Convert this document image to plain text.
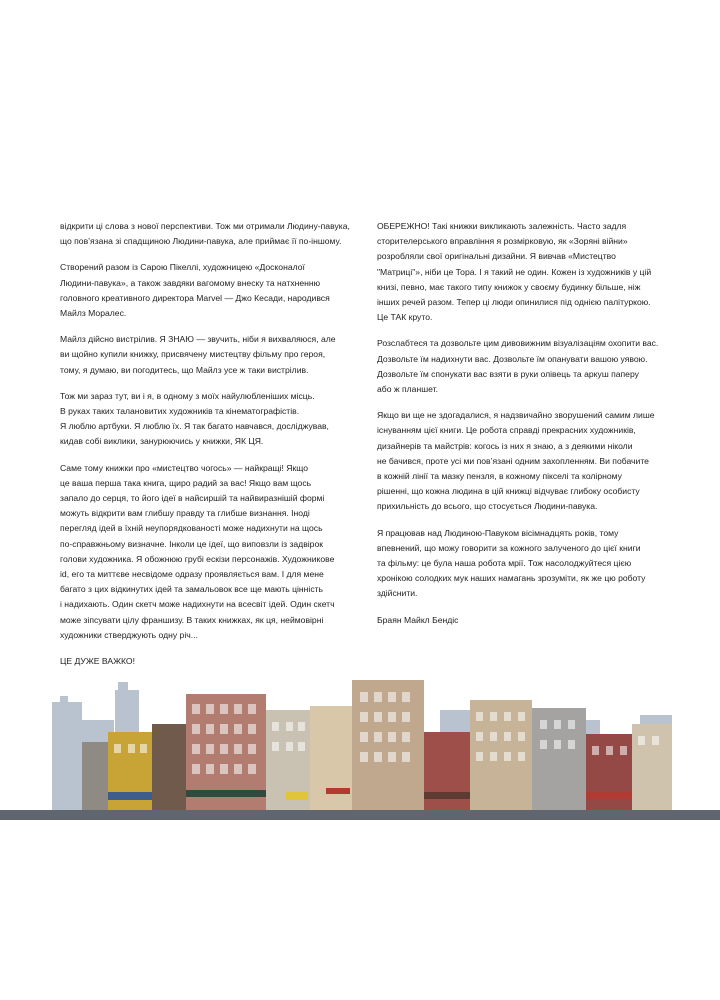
відкрити ці слова з нової перспективи. Тож ми отримали Людину-павука,
що пов’язана зі спадщиною Людини-павука, але приймає її по-іншому.

Створений разом із Сарою Пікеллі, художницею «Досконалої
Людини-павука», а також завдяки вагомому внеску та натхненню
головного креативного директора Marvel — Джо Кесади, народився
Майлз Моралес.

Майлз дійсно вистрілив. Я ЗНАЮ — звучить, ніби я вихваляюся, але
ви щойно купили книжку, присвячену мистецтву фільму про героя,
тому, я думаю, ви погодитесь, що Майлз усе ж таки вистрілив.

Тож ми зараз тут, ви і я, в одному з моїх найулюбленіших місць.
В руках таких талановитих художників та кінематографістів.
Я люблю артбуки. Я люблю їх. Я так багато навчався, досліджував,
кидав собі виклики, занурюючись у книжки, ЯК ЦЯ.

Саме тому книжки про «мистецтво чогось» — найкращі! Якщо
це ваша перша така книга, щиро радий за вас! Якщо вам щось
запало до серця, то його ідеї в найсиршій та найвиразнішій формі
можуть відкрити вам глибшу правду та глибше визнання. Іноді
перегляд ідей в їхній неупорядкованості може надихнути на щось
по-справжньому визначне. Інколи це ідеї, що виповзли із задвірок
голови художника. Я обожнюю грубі ескізи персонажів. Художникове
id, его та миттєве несвідоме одразу проявляється вам. І для мене
багато з цих відкинутих ідей та замальовок все ще мають цінність
і надихають. Один скетч може надихнути на всесвіт ідей. Один скетч
може зіпсувати цілу франшизу. В таких книжках, як ця, неймовірні
художники стверджують одну річ...

ЦЕ ДУЖЕ ВАЖКО!

ОБЕРЕЖНО! Такі книжки викликають залежність. Часто задля
сторителерського вправління я розмірковую, як «Зоряні війни»
розробляли свої оригінальні дизайни. Я вивчав «Мистецтво
"Матриці"», ніби це Тора. І я такий не один. Кожен із художників у цій
книзі, певно, має такого типу книжок у своєму будинку більше, ніж
інших речей разом. Тепер ці люди опинилися під однією палітуркою.
Це ТАК круто.

Розслабтеся та дозвольте цим дивовижним візуалізаціям охопити вас.
Дозвольте їм надихнути вас. Дозвольте їм опанувати вашою уявою.
Дозвольте їм спонукати вас взяти в руки олівець та аркуш паперу
або ж планшет.

Якщо ви ще не здогадалися, я надзвичайно зворушений самим лише
існуванням цієї книги. Це робота справді прекрасних художників,
дизайнерів та майстрів: когось із них я знаю, а з деякими ніколи
не бачився, проте усі ми пов’язані одним захопленням. Ви побачите
в кожній лінії та мазку пензля, в кожному пікселі та колірному
рішенні, що кожна людина в цій книжці відчуває глибоку особисту
прихильність до всього, що стосується Людини-павука.

Я працював над Людиною-Павуком вісімнадцять років, тому
впевнений, що можу говорити за кожного залученого до цієї книги
та фільму: це була наша робота мрії. Тож насолоджуйтеся цією
хронікою солодких мук наших намагань зрозуміти, як же цю роботу
здійснити.

Браян Майкл Бендіс
